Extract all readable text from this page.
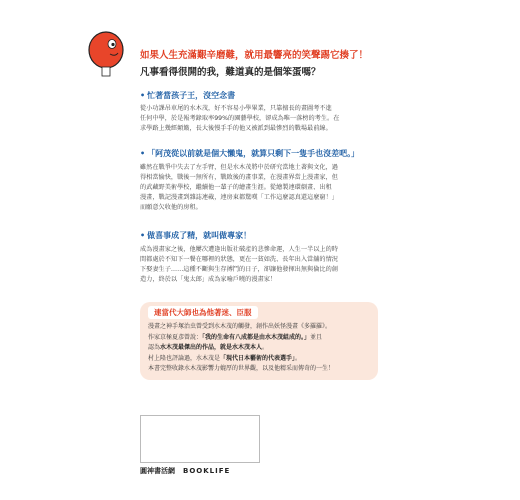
如果人生充滿艱辛磨難，就用最響亮的笑聲踢它揍了！
凡事看得很開的我，難道真的是個笨蛋嗎？
• 忙著當孩子王，沒空念書
從小功課吊車尾的水木茂，好不容易小學畢業，只靠擅長的畫圖考不進
任何中學，於是報考錄取率99%的園藝學校，卻成為唯一落榜的考生。在
求學路上幾經顛簸，長大後慢手手的他又被派到最慘烈的戰場最前線。
• 「阿茂從以前就是個大懶鬼，就算只剩下一隻手也沒差吧。」
雖然在戰爭中失去了左手臂，但是水木茂將中於研究當地土著與文化，過
得相當愉快，戰後一無所有，戰敗後的畫事業，在漫畫界當上漫畫家，但
的武藏野美術學校，繼續他一輩子的繪畫生涯。從繪製連環劇畫、出租
漫畫，戰記漫畫到雜誌連載，連房東都驚嘆「工作這麼認真還這麼窮！」
而願意欠收他的房租。
• 做喜事成了精，就叫做專家！
成為漫畫家之後，他屢次遭逢出版社破產的悲慘命運，人生一半以上的時
間都處於不知下一餐在哪裡的狀態，更在一貧如洗、長年出入當舖的情況
下娶妻生子……這種不斷與生存搏鬥的日子，卻讓他發揮出無與倫比的創
造力，終於以「鬼太郎」成為家喻戶曉的漫畫家！
連當代大師也為他著迷、臣服
漫畫之神手塚治虫曾受到水木茂的觸發，創作出妖怪漫畫《多羅羅》。
作家京極夏彥曾說：「我的生命有八成都是由水木茂組成的。」並且
認為水木茂最傑出的作品，就是水木茂本人。
村上隆也評論過，水木茂是「現代日本藝術的代表選手」。
本書完整收錄水木茂影響力媲厚的世界觀，以及他精采而傳奇的一生！
圓神書活網 BOOKLIFE
